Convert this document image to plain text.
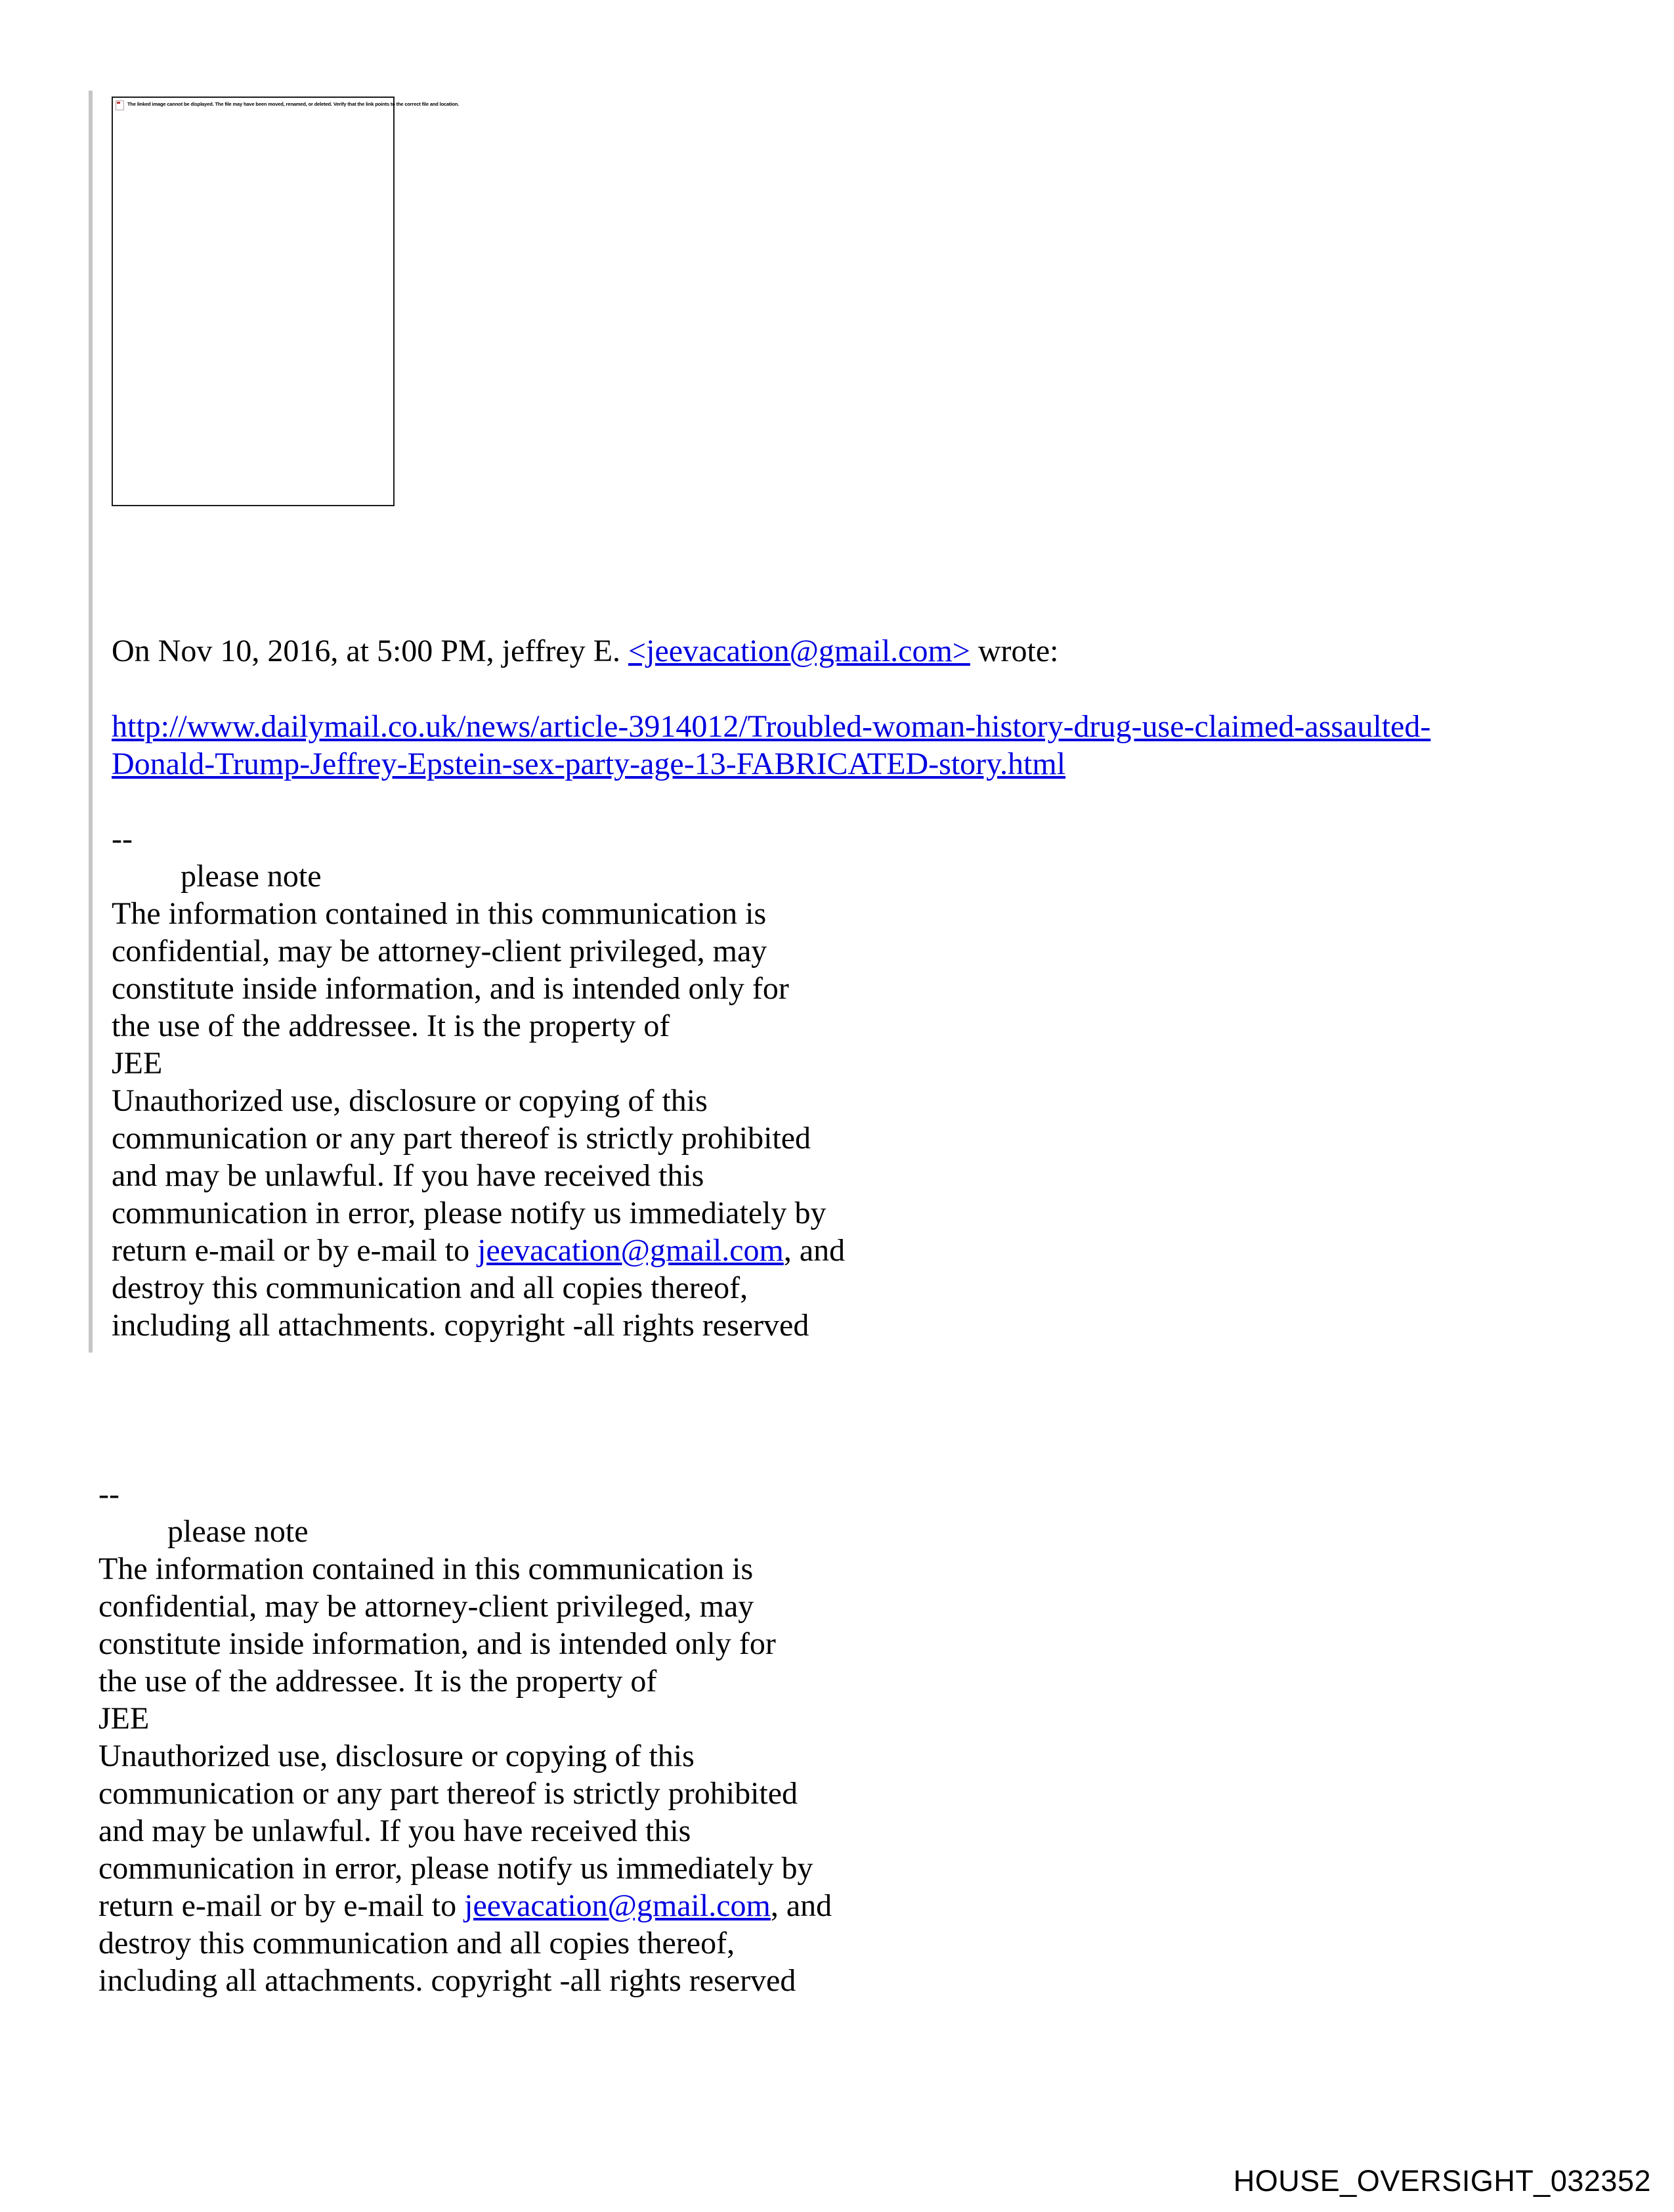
The linked image cannot be displayed. The file may have been moved, renamed, or deleted. Verify that the link points to the correct file and location.
On Nov 10, 2016, at 5:00 PM, jeffrey E. <jeevacation@gmail.com> wrote:
http://www.dailymail.co.uk/news/article-3914012/Troubled-woman-history-drug-use-claimed-assaulted-
Donald-Trump-Jeffrey-Epstein-sex-party-age-13-FABRICATED-story.html
--
please note
The information contained in this communication is
confidential, may be attorney-client privileged, may
constitute inside information, and is intended only for
the use of the addressee. It is the property of
JEE
Unauthorized use, disclosure or copying of this
communication or any part thereof is strictly prohibited
and may be unlawful. If you have received this
communication in error, please notify us immediately by
return e-mail or by e-mail to jeevacation@gmail.com, and
destroy this communication and all copies thereof,
including all attachments. copyright -all rights reserved
--
please note
The information contained in this communication is
confidential, may be attorney-client privileged, may
constitute inside information, and is intended only for
the use of the addressee. It is the property of
JEE
Unauthorized use, disclosure or copying of this
communication or any part thereof is strictly prohibited
and may be unlawful. If you have received this
communication in error, please notify us immediately by
return e-mail or by e-mail to jeevacation@gmail.com, and
destroy this communication and all copies thereof,
including all attachments. copyright -all rights reserved
HOUSE_OVERSIGHT_032352
